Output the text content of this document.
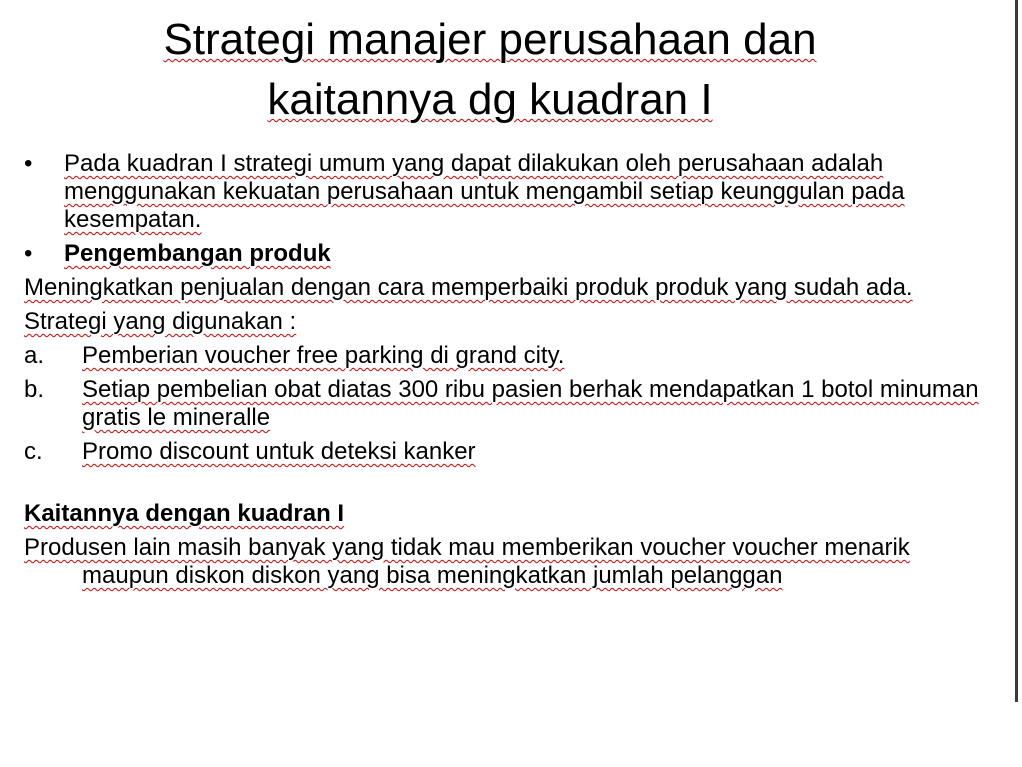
Strategi manajer perusahaan dan
kaitannya dg kuadran I
• Pada kuadran I strategi umum yang dapat dilakukan oleh perusahaan adalah menggunakan kekuatan perusahaan untuk mengambil setiap keunggulan pada kesempatan.
• Pengembangan produk
Meningkatkan penjualan dengan cara memperbaiki produk produk yang sudah ada.
Strategi yang digunakan :
a. Pemberian voucher free parking di grand city.
b. Setiap pembelian obat diatas 300 ribu pasien berhak mendapatkan 1 botol minuman gratis le mineralle
c. Promo discount untuk deteksi kanker
Kaitannya dengan kuadran I
Produsen lain masih banyak yang tidak mau memberikan voucher voucher menarik maupun diskon diskon yang bisa meningkatkan jumlah pelanggan
